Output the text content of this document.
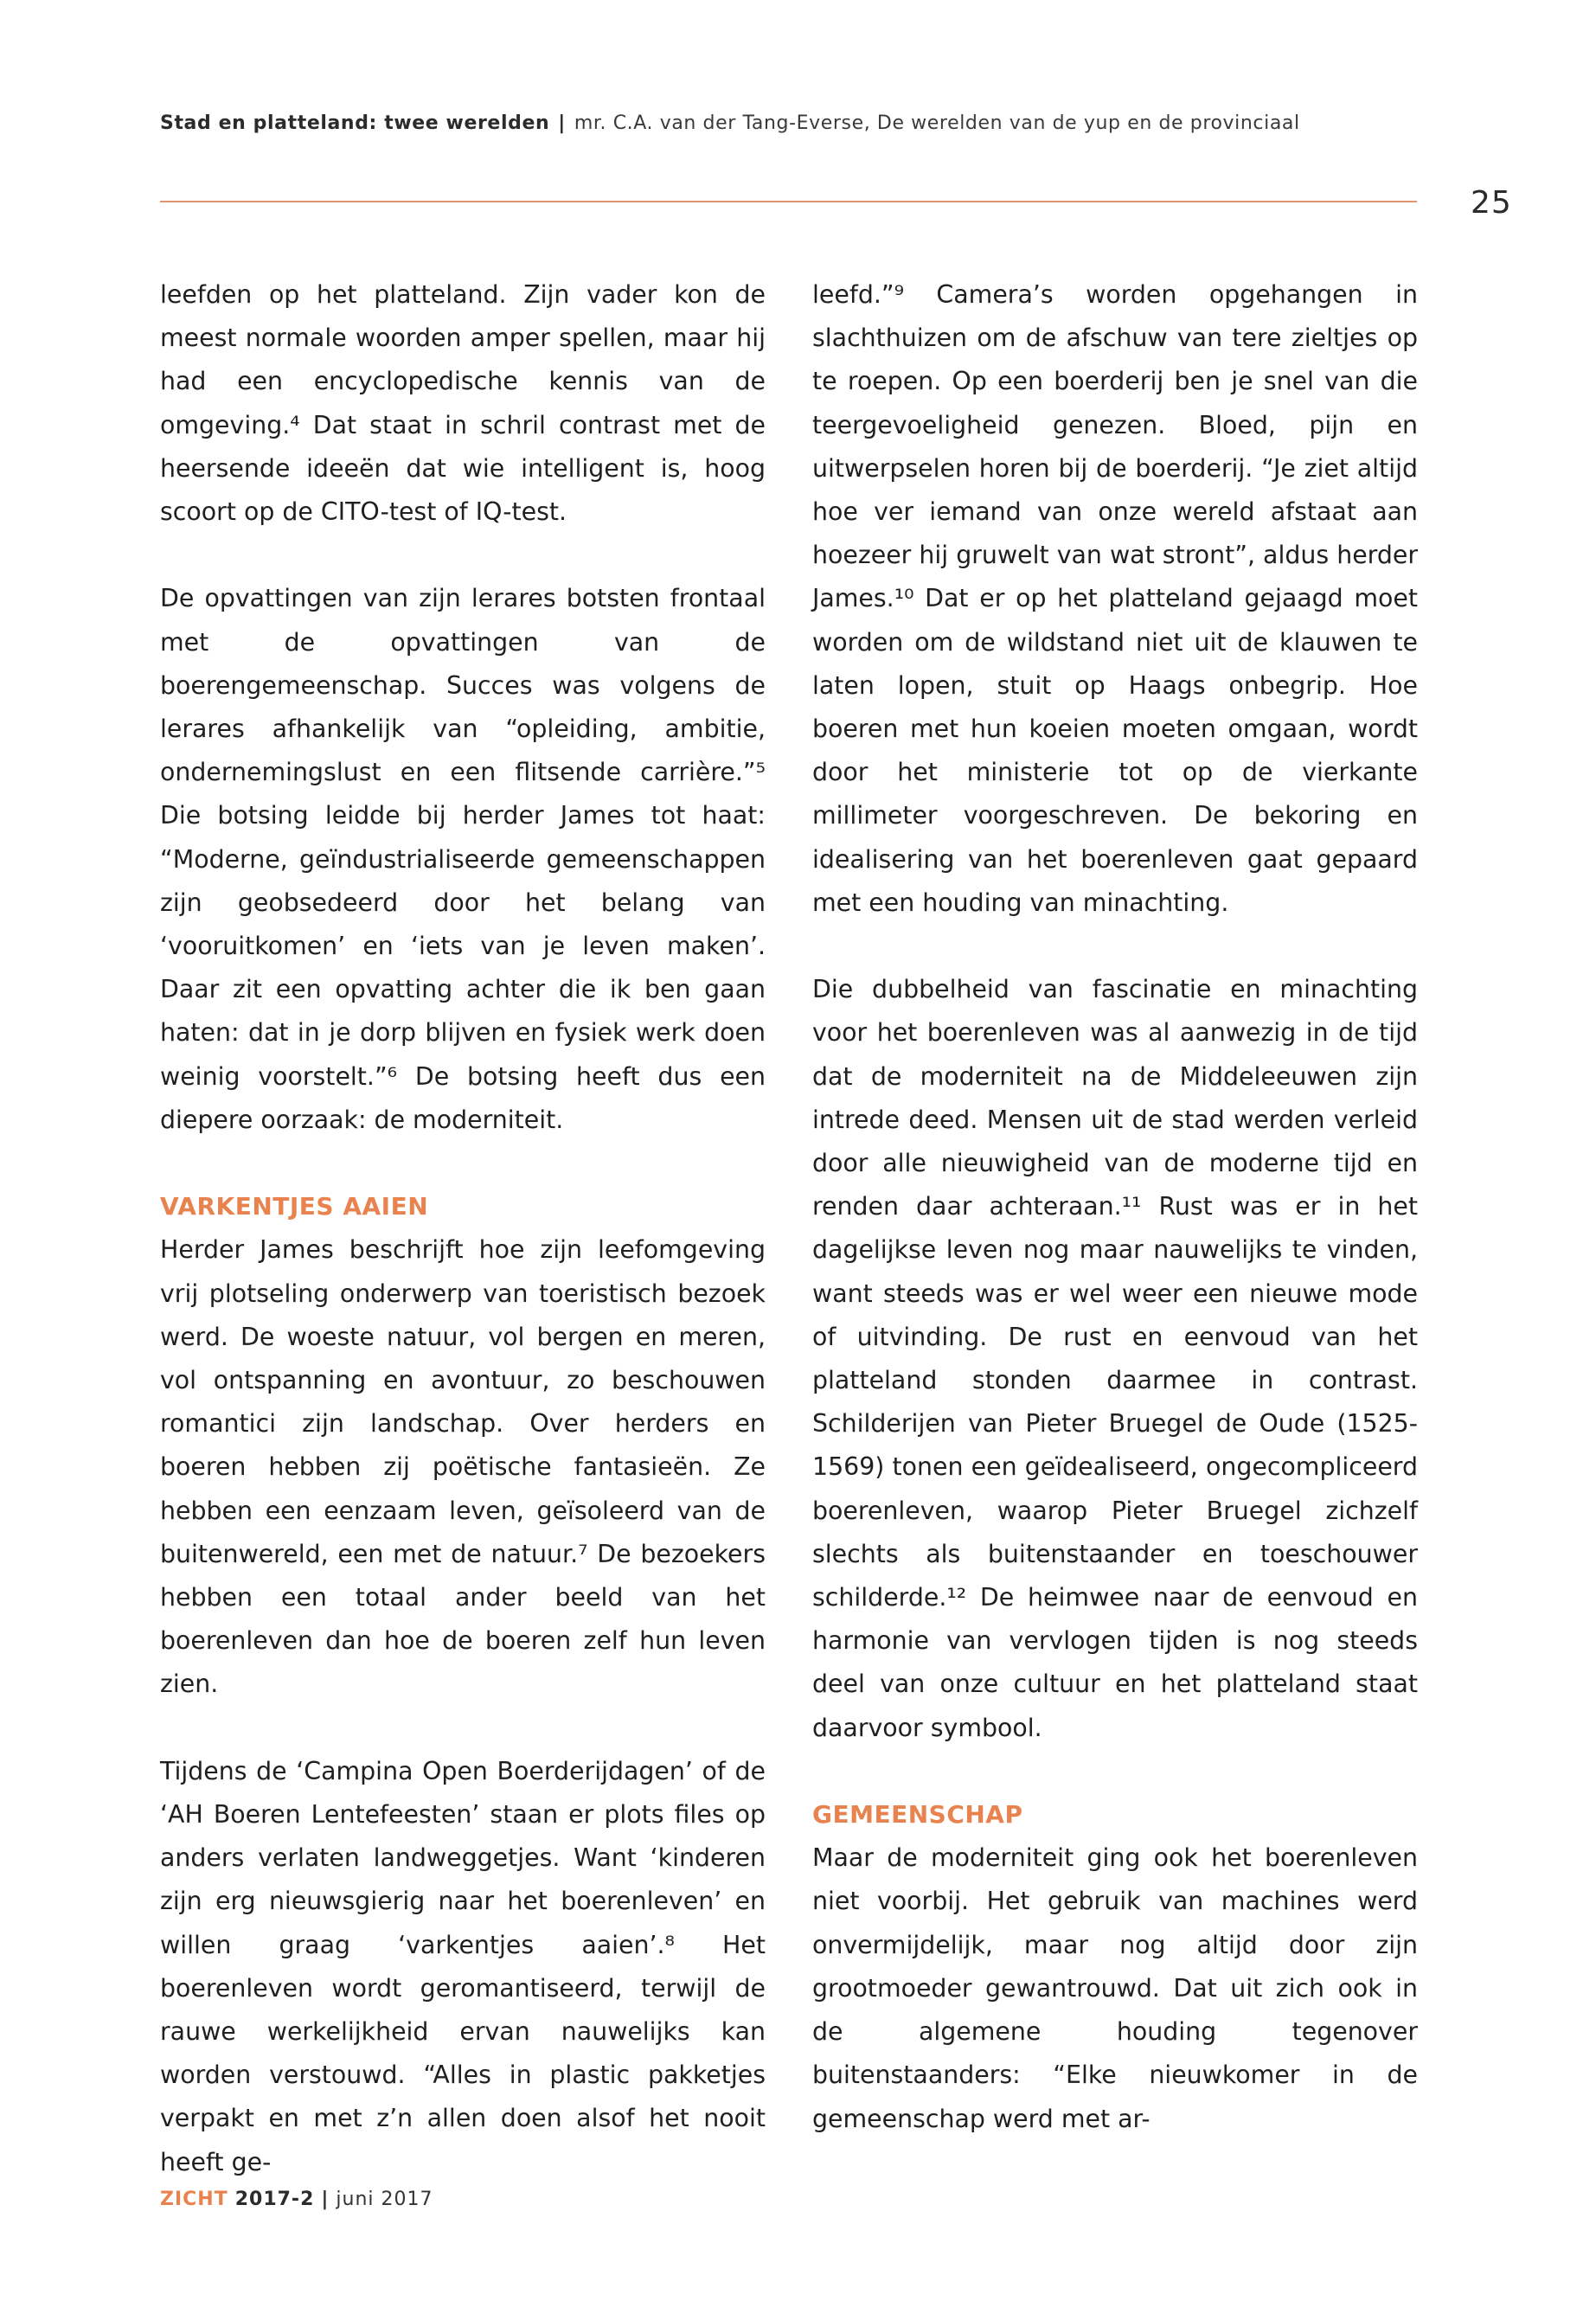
Stad en platteland: twee werelden | mr. C.A. van der Tang-Everse, De werelden van de yup en de provinciaal
25

leefden op het platteland. Zijn vader kon de meest normale woorden amper spellen, maar hij had een encyclopedische kennis van de omgeving.⁴ Dat staat in schril contrast met de heersende ideeën dat wie intelligent is, hoog scoort op de CITO-test of IQ-test.

De opvattingen van zijn lerares botsten frontaal met de opvattingen van de boerengemeenschap. Succes was volgens de lerares afhankelijk van “opleiding, ambitie, ondernemingslust en een flitsende carrière.”⁵ Die botsing leidde bij herder James tot haat: “Moderne, geïndustrialiseerde gemeenschappen zijn geobsedeerd door het belang van ‘vooruitkomen’ en ‘iets van je leven maken’. Daar zit een opvatting achter die ik ben gaan haten: dat in je dorp blijven en fysiek werk doen weinig voorstelt.”⁶ De botsing heeft dus een diepere oorzaak: de moderniteit.

VARKENTJES AAIEN

Herder James beschrijft hoe zijn leefomgeving vrij plotseling onderwerp van toeristisch bezoek werd. De woeste natuur, vol bergen en meren, vol ontspanning en avontuur, zo beschouwen romantici zijn landschap. Over herders en boeren hebben zij poëtische fantasieën. Ze hebben een eenzaam leven, geïsoleerd van de buitenwereld, een met de natuur.⁷ De bezoekers hebben een totaal ander beeld van het boerenleven dan hoe de boeren zelf hun leven zien.

Tijdens de ‘Campina Open Boerderijdagen’ of de ‘AH Boeren Lentefeesten’ staan er plots files op anders verlaten landweggetjes. Want ‘kinderen zijn erg nieuwsgierig naar het boerenleven’ en willen graag ‘varkentjes aaien’.⁸ Het boerenleven wordt geromantiseerd, terwijl de rauwe werkelijkheid ervan nauwelijks kan worden verstouwd. “Alles in plastic pakketjes verpakt en met z’n allen doen alsof het nooit heeft ge-

leefd.”⁹ Camera’s worden opgehangen in slachthuizen om de afschuw van tere zieltjes op te roepen. Op een boerderij ben je snel van die teergevoeligheid genezen. Bloed, pijn en uitwerpselen horen bij de boerderij. “Je ziet altijd hoe ver iemand van onze wereld afstaat aan hoezeer hij gruwelt van wat stront”, aldus herder James.¹⁰ Dat er op het platteland gejaagd moet worden om de wildstand niet uit de klauwen te laten lopen, stuit op Haags onbegrip. Hoe boeren met hun koeien moeten omgaan, wordt door het ministerie tot op de vierkante millimeter voorgeschreven. De bekoring en idealisering van het boerenleven gaat gepaard met een houding van minachting.

Die dubbelheid van fascinatie en minachting voor het boerenleven was al aanwezig in de tijd dat de moderniteit na de Middeleeuwen zijn intrede deed. Mensen uit de stad werden verleid door alle nieuwigheid van de moderne tijd en renden daar achteraan.¹¹ Rust was er in het dagelijkse leven nog maar nauwelijks te vinden, want steeds was er wel weer een nieuwe mode of uitvinding. De rust en eenvoud van het platteland stonden daarmee in contrast. Schilderijen van Pieter Bruegel de Oude (1525-1569) tonen een geïdealiseerd, ongecompliceerd boerenleven, waarop Pieter Bruegel zichzelf slechts als buitenstaander en toeschouwer schilderde.¹² De heimwee naar de eenvoud en harmonie van vervlogen tijden is nog steeds deel van onze cultuur en het platteland staat daarvoor symbool.

GEMEENSCHAP

Maar de moderniteit ging ook het boerenleven niet voorbij. Het gebruik van machines werd onvermijdelijk, maar nog altijd door zijn grootmoeder gewantrouwd. Dat uit zich ook in de algemene houding tegenover buitenstaanders: “Elke nieuwkomer in de gemeenschap werd met ar-

ZICHT 2017-2 | juni 2017
